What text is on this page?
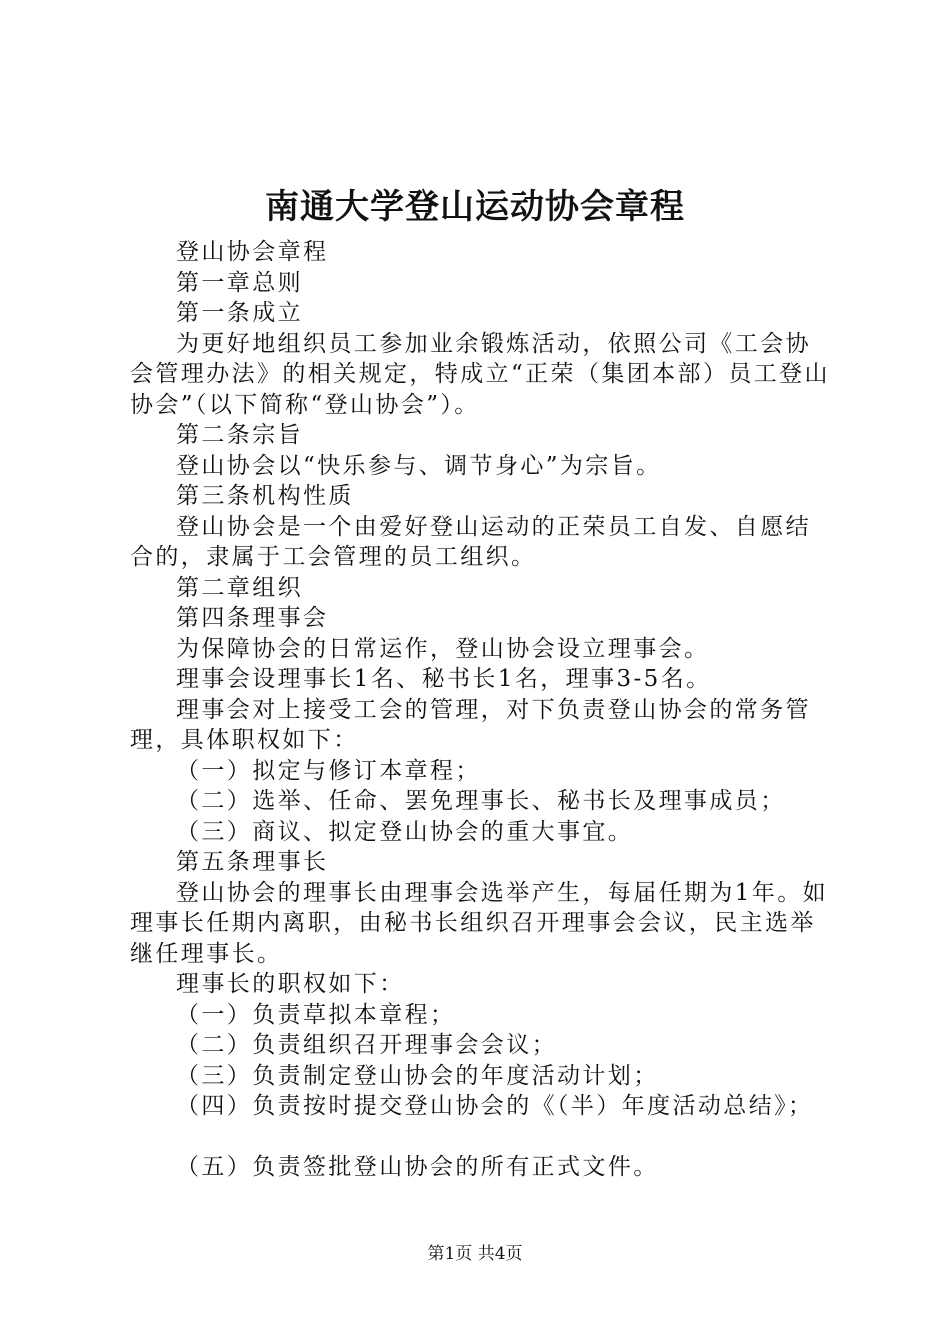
南通大学登山运动协会章程

登山协会章程

第一章总则

第一条成立

为更好地组织员工参加业余锻炼活动，依照公司《工会协会管理办法》的相关规定，特成立“正荣（集团本部）员工登山协会”（以下简称“登山协会”）。

第二条宗旨

登山协会以“快乐参与、调节身心”为宗旨。

第三条机构性质

登山协会是一个由爱好登山运动的正荣员工自发、自愿结合的，隶属于工会管理的员工组织。

第二章组织

第四条理事会

为保障协会的日常运作，登山协会设立理事会。

理事会设理事长1名、秘书长1名，理事3-5名。

理事会对上接受工会的管理，对下负责登山协会的常务管理，具体职权如下：

（一）拟定与修订本章程；

（二）选举、任命、罢免理事长、秘书长及理事成员；

（三）商议、拟定登山协会的重大事宜。

第五条理事长

登山协会的理事长由理事会选举产生，每届任期为1年。如理事长任期内离职，由秘书长组织召开理事会会议，民主选举继任理事长。

理事长的职权如下：

（一）负责草拟本章程；

（二）负责组织召开理事会会议；

（三）负责制定登山协会的年度活动计划；

（四）负责按时提交登山协会的《（半）年度活动总结》；

（五）负责签批登山协会的所有正式文件。

第1页 共4页
